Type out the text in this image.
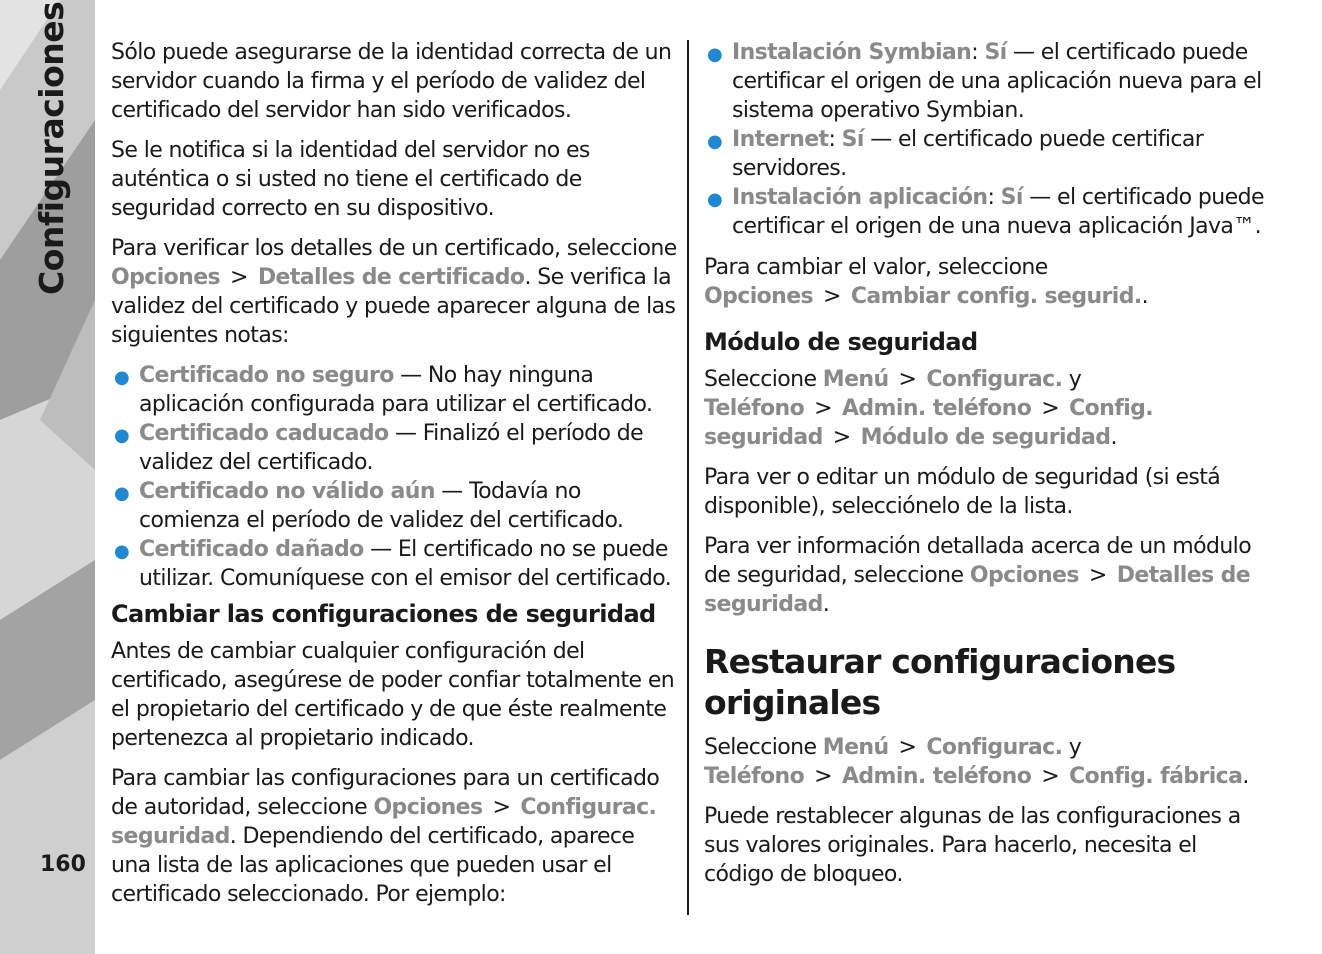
Configuraciones
160

Sólo puede asegurarse de la identidad correcta de un servidor cuando la firma y el período de validez del certificado del servidor han sido verificados.

Se le notifica si la identidad del servidor no es auténtica o si usted no tiene el certificado de seguridad correcto en su dispositivo.

Para verificar los detalles de un certificado, seleccione Opciones > Detalles de certificado. Se verifica la validez del certificado y puede aparecer alguna de las siguientes notas:

● Certificado no seguro — No hay ninguna aplicación configurada para utilizar el certificado.
● Certificado caducado — Finalizó el período de validez del certificado.
● Certificado no válido aún — Todavía no comienza el período de validez del certificado.
● Certificado dañado — El certificado no se puede utilizar. Comuníquese con el emisor del certificado.
Cambiar las configuraciones de seguridad

Antes de cambiar cualquier configuración del certificado, asegúrese de poder confiar totalmente en el propietario del certificado y de que éste realmente pertenezca al propietario indicado.

Para cambiar las configuraciones para un certificado de autoridad, seleccione Opciones > Configurac. seguridad. Dependiendo del certificado, aparece una lista de las aplicaciones que pueden usar el certificado seleccionado. Por ejemplo:

● Instalación Symbian: Sí — el certificado puede certificar el origen de una aplicación nueva para el sistema operativo Symbian.
● Internet: Sí — el certificado puede certificar servidores.
● Instalación aplicación: Sí — el certificado puede certificar el origen de una nueva aplicación Java™.

Para cambiar el valor, seleccione Opciones > Cambiar config. segurid..

Módulo de seguridad

Seleccione Menú > Configurac. y Teléfono > Admin. teléfono > Config. seguridad > Módulo de seguridad.

Para ver o editar un módulo de seguridad (si está disponible), selecciónelo de la lista.

Para ver información detallada acerca de un módulo de seguridad, seleccione Opciones > Detalles de seguridad.

Restaurar configuraciones originales

Seleccione Menú > Configurac. y Teléfono > Admin. teléfono > Config. fábrica.

Puede restablecer algunas de las configuraciones a sus valores originales. Para hacerlo, necesita el código de bloqueo.
